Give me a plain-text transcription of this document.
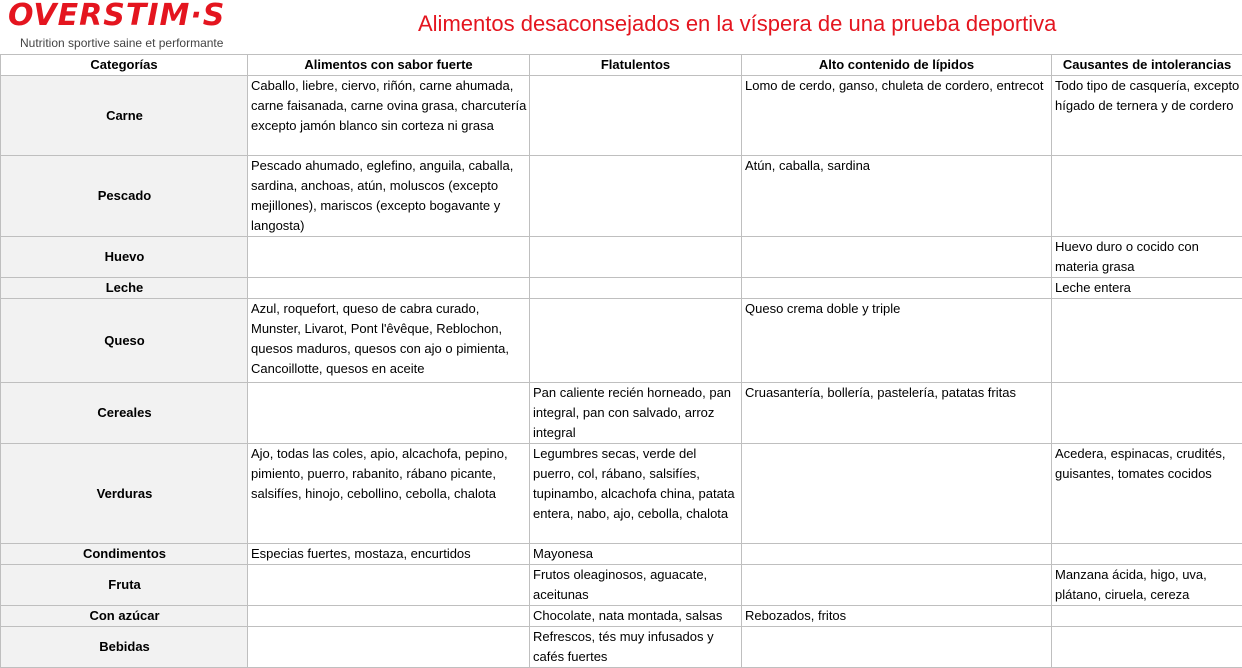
OVERSTIM·S
Nutrition sportive saine et performante
Alimentos desaconsejados en la víspera de una prueba deportiva
Categorías	Alimentos con sabor fuerte	Flatulentos	Alto contenido de lípidos	Causantes de intolerancias
Carne	Caballo, liebre, ciervo, riñón, carne ahumada, carne faisanada, carne ovina grasa, charcutería excepto jamón blanco sin corteza ni grasa		Lomo de cerdo, ganso, chuleta de cordero, entrecot	Todo tipo de casquería, excepto hígado de ternera y de cordero
Pescado	Pescado ahumado, eglefino, anguila, caballa, sardina, anchoas, atún, moluscos (excepto mejillones), mariscos (excepto bogavante y langosta)		Atún, caballa, sardina	
Huevo				Huevo duro o cocido con materia grasa
Leche				Leche entera
Queso	Azul, roquefort, queso de cabra curado, Munster, Livarot, Pont l'êvêque, Reblochon, quesos maduros, quesos con ajo o pimienta, Cancoillotte, quesos en aceite		Queso crema doble y triple	
Cereales		Pan caliente recién horneado, pan integral, pan con salvado, arroz integral	Cruasantería, bollería, pastelería, patatas fritas	
Verduras	Ajo, todas las coles, apio, alcachofa, pepino, pimiento, puerro, rabanito, rábano picante, salsifíes, hinojo, cebollino, cebolla, chalota	Legumbres secas, verde del puerro, col, rábano, salsifíes, tupinambo, alcachofa china, patata entera, nabo, ajo, cebolla, chalota		Acedera, espinacas, crudités, guisantes, tomates cocidos
Condimentos	Especias fuertes, mostaza, encurtidos	Mayonesa		
Fruta		Frutos oleaginosos, aguacate, aceitunas		Manzana ácida, higo, uva, plátano, ciruela, cereza
Con azúcar		Chocolate, nata montada, salsas	Rebozados, fritos	
Bebidas		Refrescos, tés muy infusados y cafés fuertes		
